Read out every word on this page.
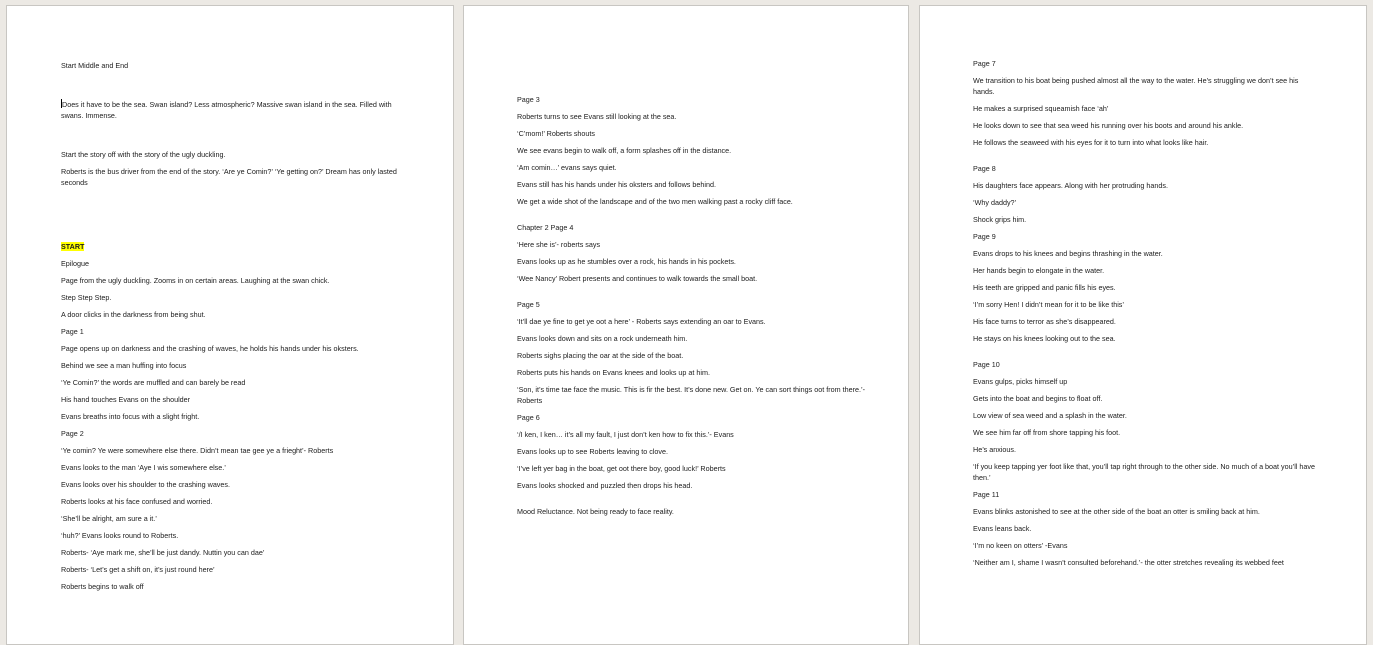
Start Middle and End

Does it have to be the sea. Swan island? Less atmospheric? Massive swan island in the sea. Filled with swans. Immense.

Start the story off with the story of the ugly duckling.

Roberts is the bus driver from the end of the story. ‘Are ye Comin?’ ‘Ye getting on?’ Dream has only lasted seconds

START

Epilogue

Page from the ugly duckling. Zooms in on certain areas. Laughing at the swan chick.

Step Step Step.

A door clicks in the darkness from being shut.

Page 1

Page opens up on darkness and the crashing of waves, he holds his hands under his oksters.

Behind we see a man huffing into focus

‘Ye Comin?’ the words are muffled and can barely be read

His hand touches Evans on the shoulder

Evans breaths into focus with a slight fright.

Page 2

‘Ye comin? Ye were somewhere else there. Didn’t mean tae gee ye a frieght’- Roberts

Evans looks to the man ‘Aye I wis somewhere else.’

Evans looks over his shoulder to the crashing waves.

Roberts looks at his face confused and worried.

‘She’ll be alright, am sure a it.’

‘huh?’ Evans looks round to Roberts.

Roberts- ‘Aye mark me, she’ll be just dandy. Nuttin you can dae’

Roberts- ‘Let’s get a shift on, it’s just round here’

Roberts begins to walk off

Page 3

Roberts turns to see Evans still looking at the sea.

‘C’mom!’ Roberts shouts

We see evans begin to walk off, a form splashes off in the distance.

‘Am comin…’ evans says quiet.

Evans still has his hands under his oksters and follows behind.

We get a wide shot of the landscape and of the two men walking past a rocky cliff face.

Chapter 2 Page 4

‘Here she is’- roberts says

Evans looks up as he stumbles over a rock, his hands in his pockets.

‘Wee Nancy’ Robert presents and continues to walk towards the small boat.

Page 5

‘It’ll dae ye fine to get ye oot a here’ - Roberts says extending an oar to Evans.

Evans looks down and sits on a rock underneath him.

Roberts sighs placing the oar at the side of the boat.

Roberts puts his hands on Evans knees and looks up at him.

‘Son, it’s time tae face the music. This is fir the best. It’s done new. Get on. Ye can sort things oot from there.’- Roberts

Page 6

‘/I ken, I ken… it’s all my fault, I just don’t ken how to fix this.’- Evans

Evans looks up to see Roberts leaving to clove.

‘I’ve left yer bag in the boat, get oot there boy, good luck!’ Roberts

Evans looks shocked and puzzled then drops his head.

Mood Reluctance. Not being ready to face reality.

Page 7

We transition to his boat being pushed almost all the way to the water. He’s struggling we don’t see his hands.

He makes a surprised squeamish face ‘ah’

He looks down to see that sea weed his running over his boots and around his ankle.

He follows the seaweed with his eyes for it to turn into what looks like hair.

Page 8

His daughters face appears. Along with her protruding hands.

‘Why daddy?’

Shock grips him.

Page 9

Evans drops to his knees and begins thrashing in the water.

Her hands begin to elongate in the water.

His teeth are gripped and panic fills his eyes.

‘I’m sorry Hen! I didn’t mean for it to be like this’

His face turns to terror as she’s disappeared.

He stays on his knees looking out to the sea.

Page 10

Evans gulps, picks himself up

Gets into the boat and begins to float off.

Low view of sea weed and a splash in the water.

We see him far off from shore tapping his foot.

He’s anxious.

‘If you keep tapping yer foot like that, you’ll tap right through to the other side. No much of a boat you’ll have then.’

Page 11

Evans blinks astonished to see at the other side of the boat an otter is smiling back at him.

Evans leans back.

‘I’m no keen on otters’ -Evans

‘Neither am I, shame I wasn’t consulted beforehand.’- the otter stretches revealing its webbed feet
